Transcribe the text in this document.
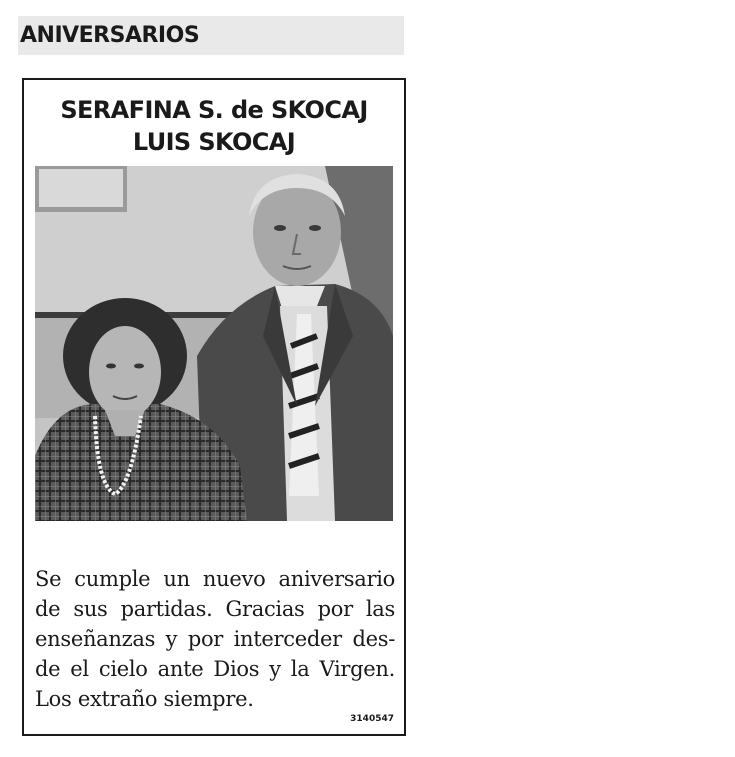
ANIVERSARIOS
SERAFINA S. de SKOCAJ
LUIS SKOCAJ
Se cumple un nuevo aniversario de sus partidas. Gracias por las enseñanzas y por interceder des-de el cielo ante Dios y la Virgen. Los extraño siempre.
3140547
